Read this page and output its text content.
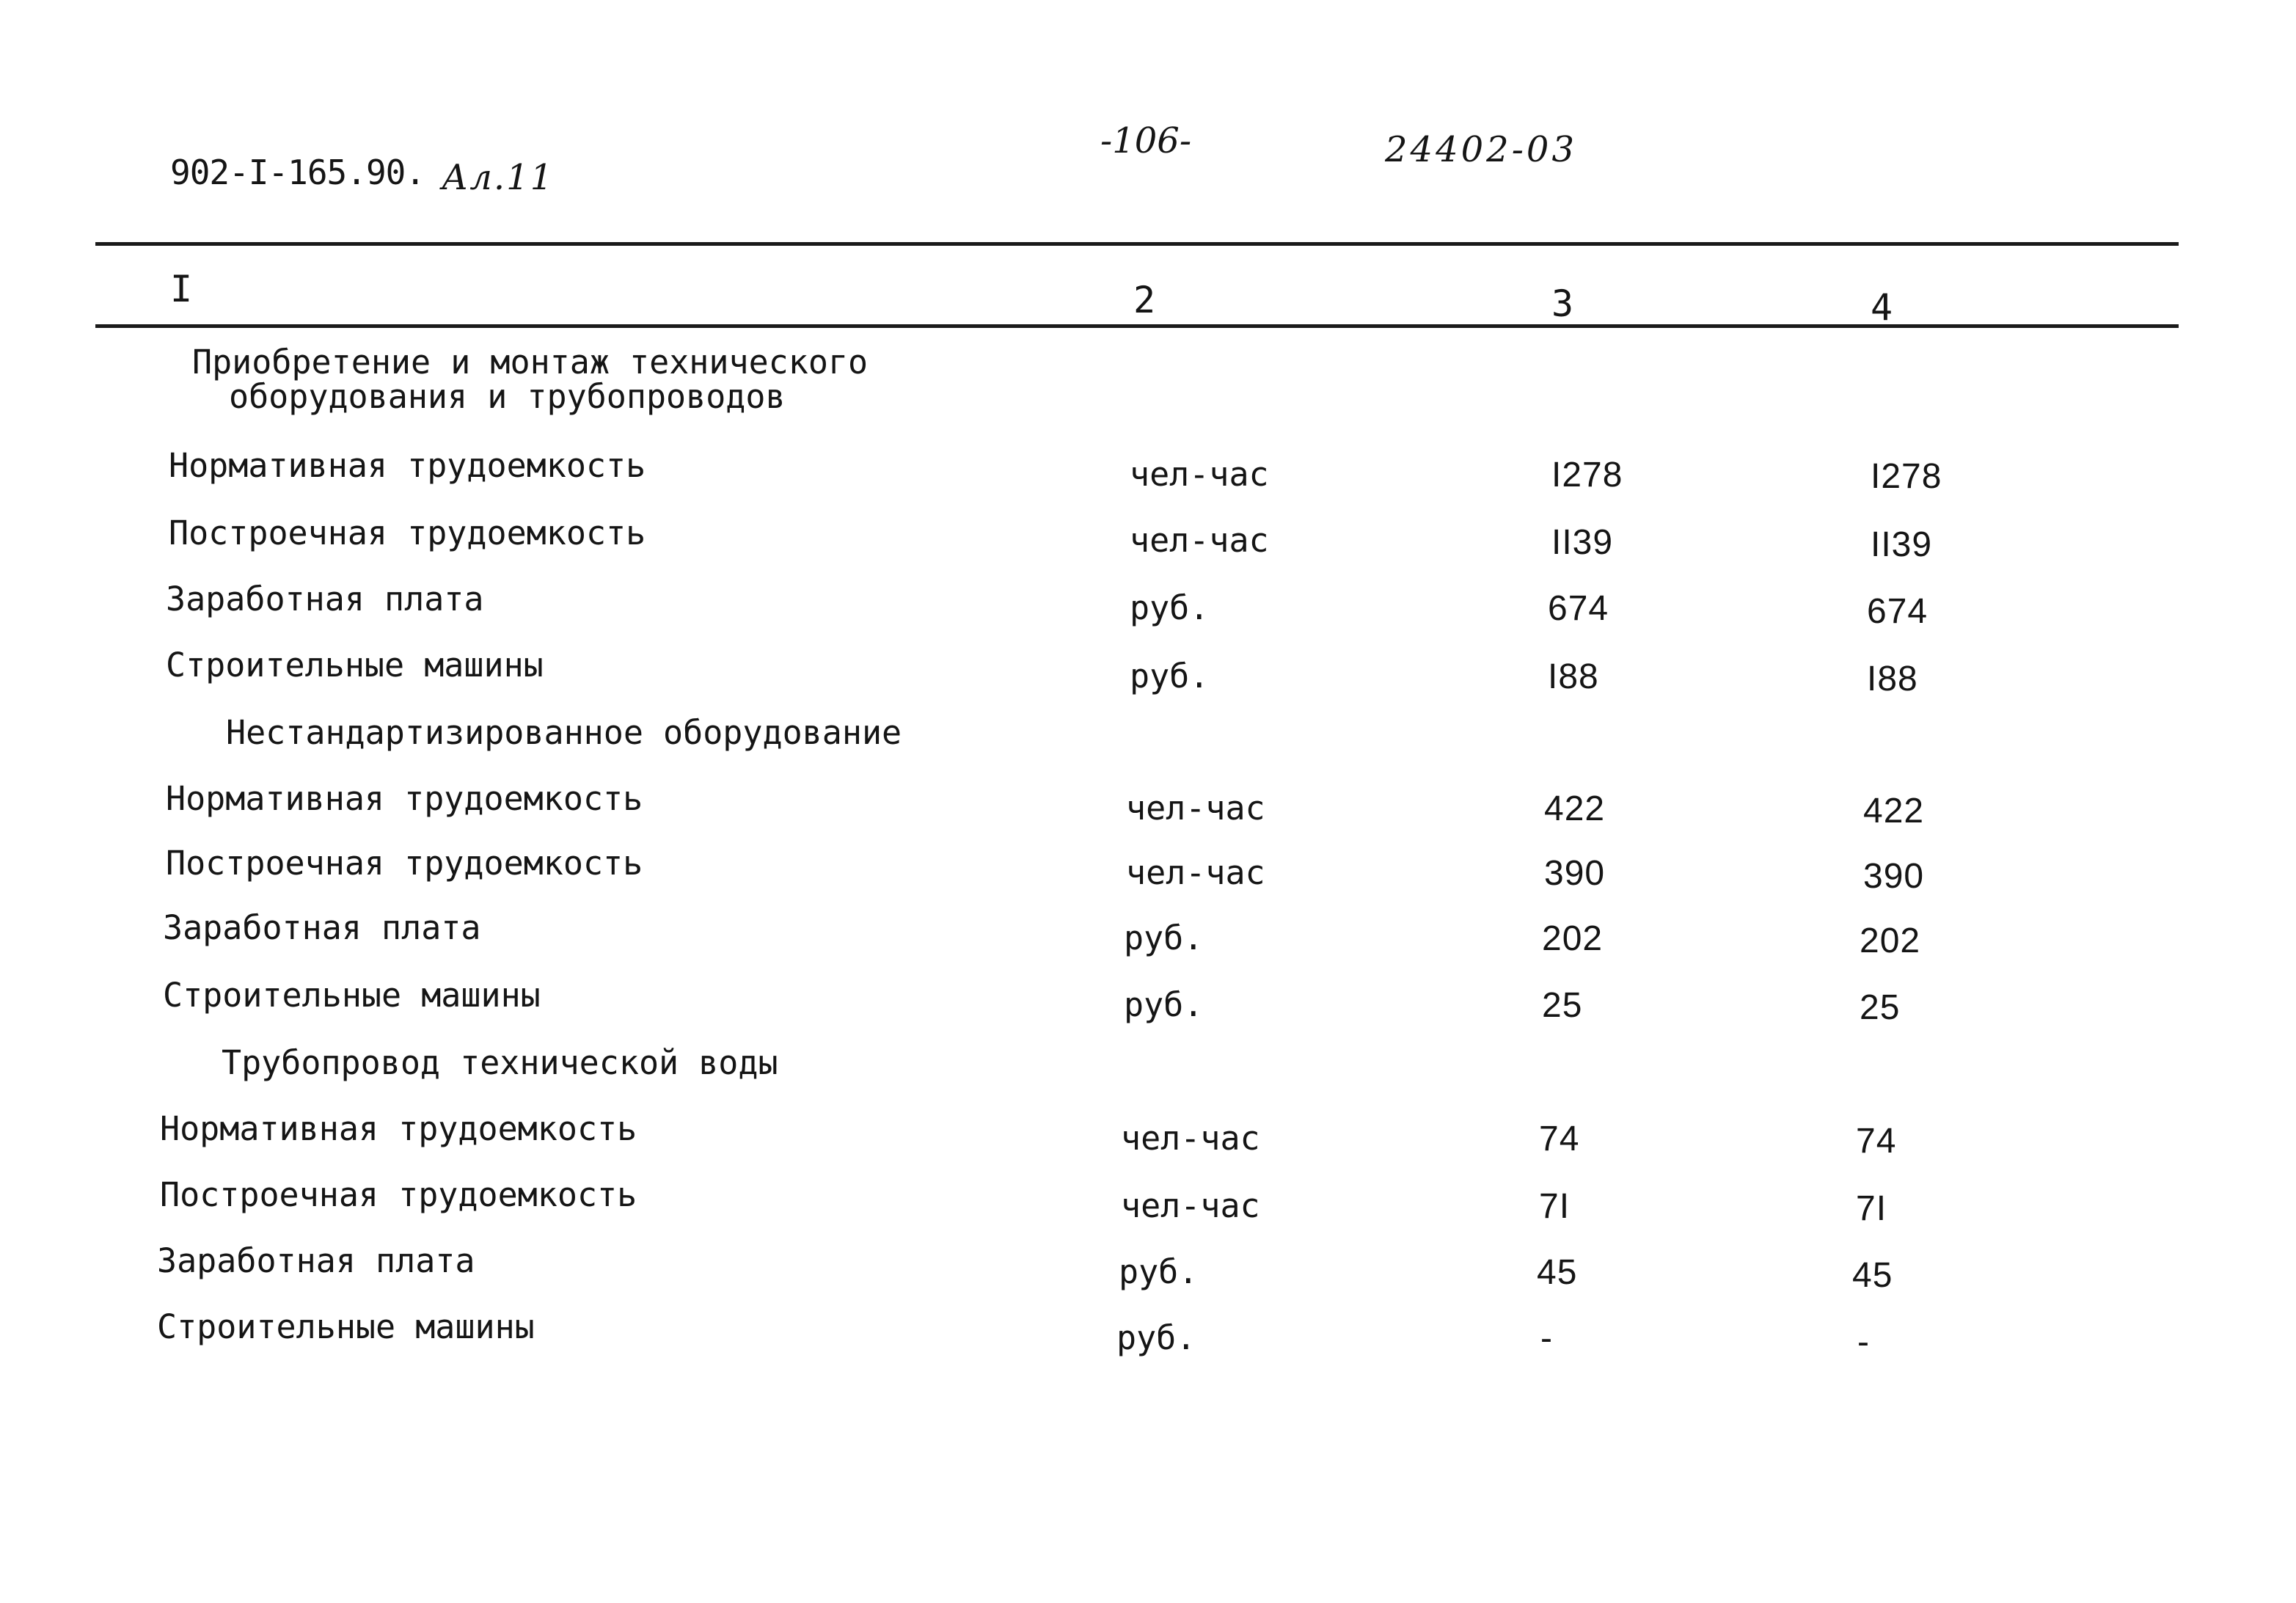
902-I-165.90. Ал.11
-106-	24402-03
I	2	3	4
Приобретение и монтаж технического
оборудования и трубопроводов
Нормативная трудоемкость	чел-час	I278	I278
Построечная трудоемкость	чел-час	II39	II39
Заработная плата	руб.	674	674
Строительные машины	руб.	I88	I88
Нестандартизированное оборудование
Нормативная трудоемкость	чел-час	422	422
Построечная трудоемкость	чел-час	390	390
Заработная плата	руб.	202	202
Строительные машины	руб.	25	25
Трубопровод технической воды
Нормативная трудоемкость	чел-час	74	74
Построечная трудоемкость	чел-час	7I	7I
Заработная плата	руб.	45	45
Строительные машины	руб.	-	-
